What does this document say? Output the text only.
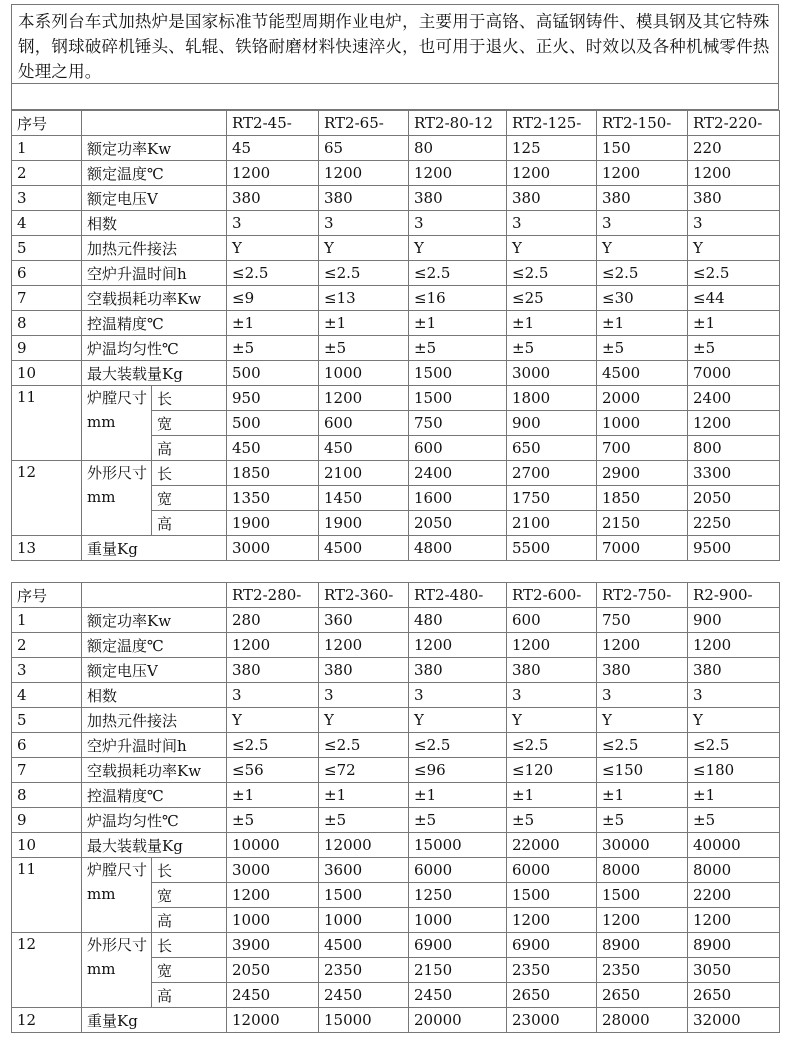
本系列台车式加热炉是国家标准节能型周期作业电炉，主要用于高铬、高锰钢铸件、模具钢及其它特殊钢，钢球破碎机锤头、轧辊、铁铬耐磨材料快速淬火，也可用于退火、正火、时效以及各种机械零件热处理之用。
序号			RT2-45-	RT2-65-	RT2-80-12	RT2-125-	RT2-150-	RT2-220-
1	额定功率Kw		45	65	80	125	150	220
2	额定温度℃		1200	1200	1200	1200	1200	1200
3	额定电压V		380	380	380	380	380	380
4	相数		3	3	3	3	3	3
5	加热元件接法		Y	Y	Y	Y	Y	Y
6	空炉升温时间h		≤2.5	≤2.5	≤2.5	≤2.5	≤2.5	≤2.5
7	空载损耗功率Kw		≤9	≤13	≤16	≤25	≤30	≤44
8	控温精度℃		±1	±1	±1	±1	±1	±1
9	炉温均匀性℃		±5	±5	±5	±5	±5	±5
10	最大装载量Kg		500	1000	1500	3000	4500	7000
11	炉膛尺寸mm	长	950	1200	1500	1800	2000	2400
		宽	500	600	750	900	1000	1200
		高	450	450	600	650	700	800
12	外形尺寸mm	长	1850	2100	2400	2700	2900	3300
		宽	1350	1450	1600	1750	1850	2050
		高	1900	1900	2050	2100	2150	2250
13	重量Kg		3000	4500	4800	5500	7000	9500
序号			RT2-280-	RT2-360-	RT2-480-	RT2-600-	RT2-750-	R2-900-
1	额定功率Kw		280	360	480	600	750	900
2	额定温度℃		1200	1200	1200	1200	1200	1200
3	额定电压V		380	380	380	380	380	380
4	相数		3	3	3	3	3	3
5	加热元件接法		Y	Y	Y	Y	Y	Y
6	空炉升温时间h		≤2.5	≤2.5	≤2.5	≤2.5	≤2.5	≤2.5
7	空载损耗功率Kw		≤56	≤72	≤96	≤120	≤150	≤180
8	控温精度℃		±1	±1	±1	±1	±1	±1
9	炉温均匀性℃		±5	±5	±5	±5	±5	±5
10	最大装载量Kg		10000	12000	15000	22000	30000	40000
11	炉膛尺寸mm	长	3000	3600	6000	6000	8000	8000
		宽	1200	1500	1250	1500	1500	2200
		高	1000	1000	1000	1200	1200	1200
12	外形尺寸mm	长	3900	4500	6900	6900	8900	8900
		宽	2050	2350	2150	2350	2350	3050
		高	2450	2450	2450	2650	2650	2650
12	重量Kg		12000	15000	20000	23000	28000	32000
